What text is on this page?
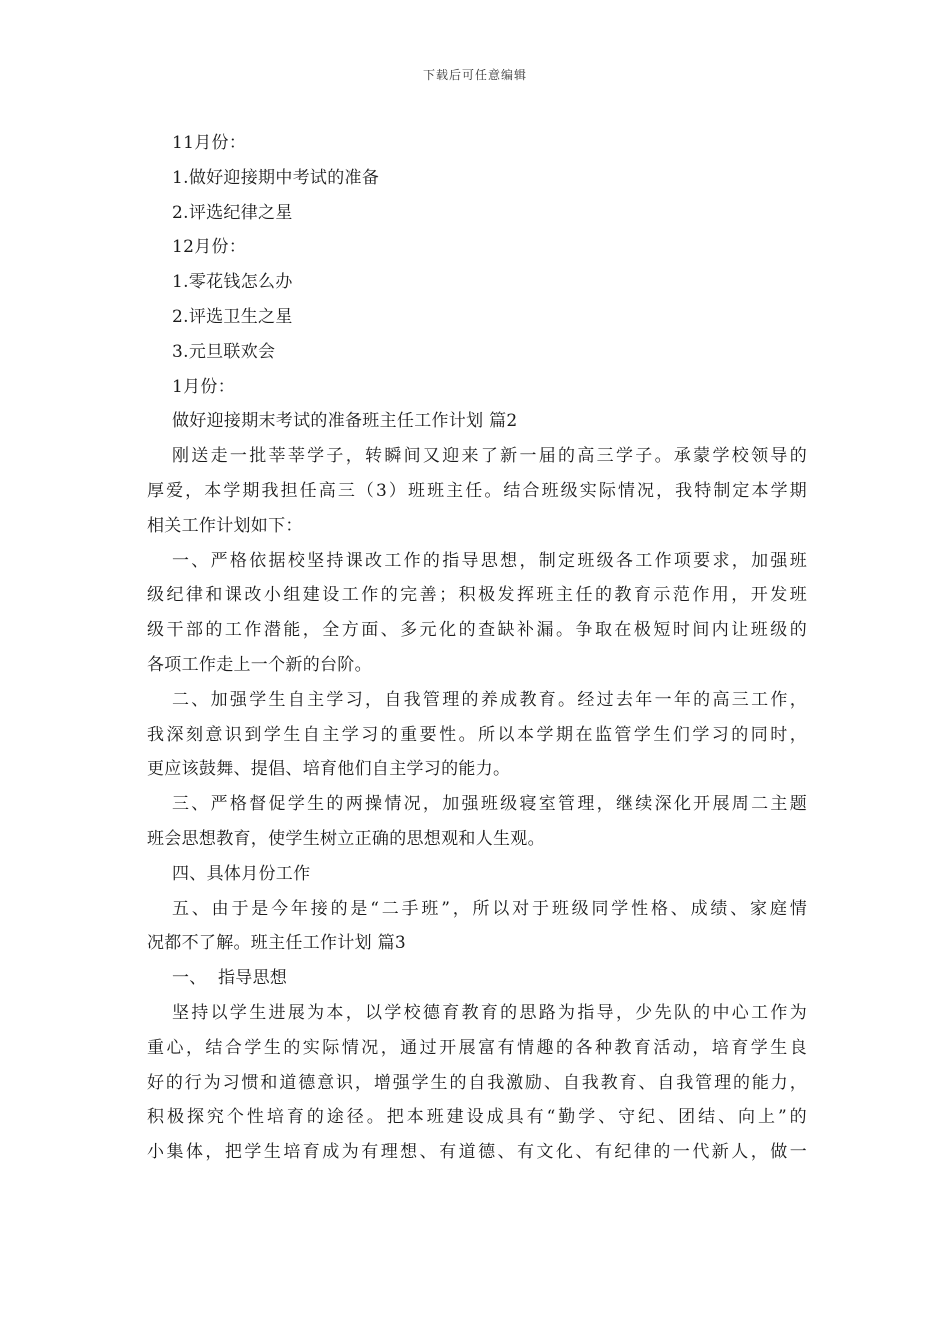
下载后可任意编辑
11月份：
1.做好迎接期中考试的准备
2.评选纪律之星
12月份：
1.零花钱怎么办
2.评选卫生之星
3.元旦联欢会
1月份：
做好迎接期末考试的准备班主任工作计划 篇2
刚送走一批莘莘学子，转瞬间又迎来了新一届的高三学子。承蒙学校领导的
厚爱，本学期我担任高三（3）班班主任。结合班级实际情况，我特制定本学期
相关工作计划如下：
一、严格依据校坚持课改工作的指导思想，制定班级各工作项要求，加强班
级纪律和课改小组建设工作的完善；积极发挥班主任的教育示范作用，开发班
级干部的工作潜能，全方面、多元化的查缺补漏。争取在极短时间内让班级的
各项工作走上一个新的台阶。
二、加强学生自主学习，自我管理的养成教育。经过去年一年的高三工作，
我深刻意识到学生自主学习的重要性。所以本学期在监管学生们学习的同时，
更应该鼓舞、提倡、培育他们自主学习的能力。
三、严格督促学生的两操情况，加强班级寝室管理，继续深化开展周二主题
班会思想教育，使学生树立正确的思想观和人生观。
四、具体月份工作
五、由于是今年接的是“二手班”，所以对于班级同学性格、成绩、家庭情
况都不了解。班主任工作计划 篇3
一、  指导思想
坚持以学生进展为本，以学校德育教育的思路为指导，少先队的中心工作为
重心，结合学生的实际情况，通过开展富有情趣的各种教育活动，培育学生良
好的行为习惯和道德意识，增强学生的自我激励、自我教育、自我管理的能力，
积极探究个性培育的途径。把本班建设成具有“勤学、守纪、团结、向上”的
小集体，把学生培育成为有理想、有道德、有文化、有纪律的一代新人，做一
